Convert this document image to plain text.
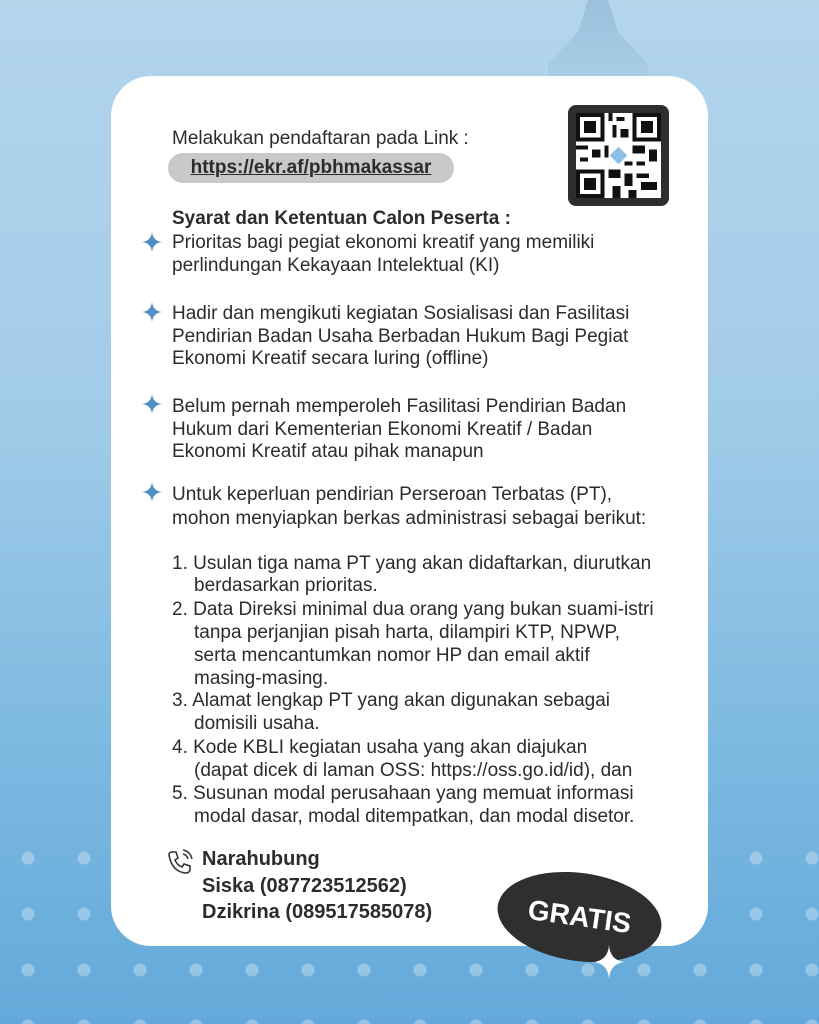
Melakukan pendaftaran pada Link :
https://ekr.af/pbhmakassar
Syarat dan Ketentuan Calon Peserta :
Prioritas bagi pegiat ekonomi kreatif yang memiliki
perlindungan Kekayaan Intelektual (KI)
Hadir dan mengikuti kegiatan Sosialisasi dan Fasilitasi
Pendirian Badan Usaha Berbadan Hukum Bagi Pegiat
Ekonomi Kreatif secara luring (offline)
Belum pernah memperoleh Fasilitasi Pendirian Badan
Hukum dari Kementerian Ekonomi Kreatif / Badan
Ekonomi Kreatif atau pihak manapun
Untuk keperluan pendirian Perseroan Terbatas (PT),
mohon menyiapkan berkas administrasi sebagai berikut:
1. Usulan tiga nama PT yang akan didaftarkan, diurutkan
berdasarkan prioritas.
2. Data Direksi minimal dua orang yang bukan suami-istri
tanpa perjanjian pisah harta, dilampiri KTP, NPWP,
serta mencantumkan nomor HP dan email aktif
masing-masing.
3. Alamat lengkap PT yang akan digunakan sebagai
domisili usaha.
4. Kode KBLI kegiatan usaha yang akan diajukan
(dapat dicek di laman OSS: https://oss.go.id/id), dan
5. Susunan modal perusahaan yang memuat informasi
modal dasar, modal ditempatkan, dan modal disetor.
Narahubung
Siska (087723512562)
Dzikrina (089517585078)	GRATIS
